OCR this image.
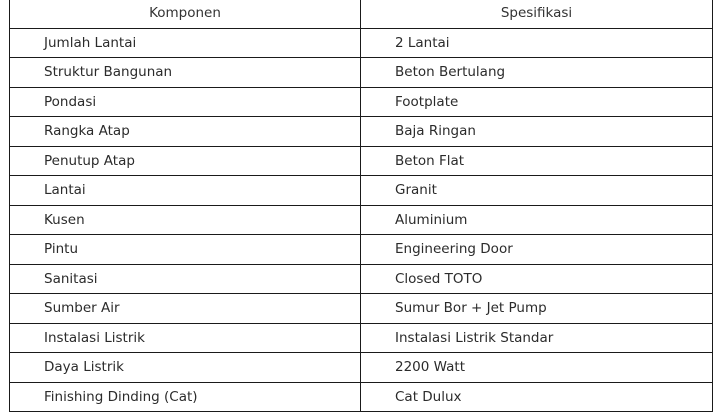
Komponen	Spesifikasi
Jumlah Lantai	2 Lantai
Struktur Bangunan	Beton Bertulang
Pondasi	Footplate
Rangka Atap	Baja Ringan
Penutup Atap	Beton Flat
Lantai	Granit
Kusen	Aluminium
Pintu	Engineering Door
Sanitasi	Closed TOTO
Sumber Air	Sumur Bor + Jet Pump
Instalasi Listrik	Instalasi Listrik Standar
Daya Listrik	2200 Watt
Finishing Dinding (Cat)	Cat Dulux
